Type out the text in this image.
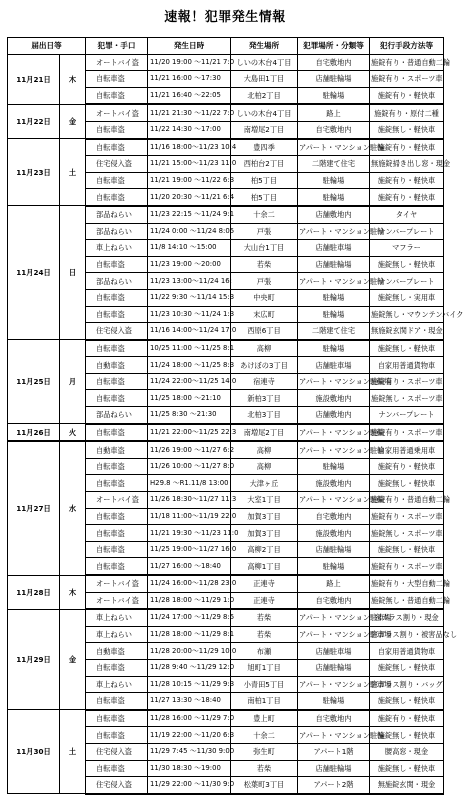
速報！犯罪発生情報
届出日等		犯罪・手口	発生日時	発生場所	犯罪場所・分類等	犯行手段方法等
11月21日	木	オートバイ盗	11/20 19:00 ～11/21 7:0	しいの木台4丁目	自宅敷地内	施錠有り・普通自動二輪
		自転車盗	11/21 16:00 ～17:30	大島田1丁目	店舗駐輪場	施錠有り・スポーツ車
		自転車盗	11/21 16:40 ～22:05	北柏2丁目	駐輪場	施錠有り・軽快車
11月22日	金	オートバイ盗	11/21 21:30 ～11/22 7:0	しいの木台4丁目	路上	施錠有り・原付二種
		自転車盗	11/22 14:30 ～17:00	南増尾2丁目	自宅敷地内	施錠無し・軽快車
11月23日	土	自転車盗	11/16 18:00～11/23 10:4	豊四季	アパート・マンション駐輪	施錠有り・軽快車
		住宅侵入盗	11/21 15:00～11/23 11:0	西柏台2丁目	二階建て住宅	無施錠掃き出し窓・現金
		自転車盗	11/21 19:00 ～11/22 6:3	柏5丁目	駐輪場	施錠有り・軽快車
		自転車盗	11/20 20:30 ～11/21 6:4	柏5丁目	駐輪場	施錠有り・軽快車
11月24日	日	部品ねらい	11/23 22:15 ～11/24 9:1	十余二	店舗敷地内	タイヤ
		部品ねらい	11/24 0:00 ～11/24 8:05	戸張	アパート・マンション駐輪	ナンバープレート
		車上ねらい	11/8 14:10 ～15:00	大山台1丁目	店舗駐車場	マフラー
		自転車盗	11/23 19:00 ～20:00	若柴	店舗駐輪場	施錠無し・軽快車
		部品ねらい	11/23 13:00～11/24 16:	戸張	アパート・マンション駐輪	ナンバープレート
		自転車盗	11/22 9:30 ～11/14 15:3	中央町	駐輪場	施錠無し・実用車
		自転車盗	11/23 10:30 ～11/24 1:3	末広町	駐輪場	施錠無し・マウンテンバイク
		住宅侵入盗	11/16 14:00～11/24 17:0	西原6丁目	二階建て住宅	無施錠玄関ドア・現金
11月25日	月	自転車盗	10/25 11:00 ～11/25 8:1	高柳	駐輪場	施錠無し・軽快車
		自動車盗	11/24 18:00 ～11/25 8:3	あけぼの3丁目	店舗駐車場	自家用普通貨物車
		自転車盗	11/24 22:00～11/25 14:0	宿連寺	アパート・マンション駐輪場	施錠有り・スポーツ車
		自転車盗	11/25 18:00 ～21:10	新柏3丁目	施設敷地内	施錠無し・スポーツ車
		部品ねらい	11/25 8:30 ～21:30	北柏3丁目	店舗敷地内	ナンバープレート
11月26日	火	自転車盗	11/21 22:00～11/25 22:3	南増尾2丁目	アパート・マンション駐輪	施錠有り・スポーツ車
11月27日	水	自動車盗	11/26 19:00 ～11/27 6:2	高柳	アパート・マンション駐輪	自家用普通乗用車
		自転車盗	11/26 10:00 ～11/27 8:0	高柳	駐輪場	施錠有り・軽快車
		自転車盗	H29.8 ～R1.11/8 13:00	大津ヶ丘	施設敷地内	施錠無し・軽快車
		オートバイ盗	11/26 18:30～11/27 11:3	大室1丁目	アパート・マンション駐輪	施錠有り・普通自動二輪
		自転車盗	11/18 11:00～11/19 22:0	加賀3丁目	自宅敷地内	施錠有り・スポーツ車
		自転車盗	11/21 19:30 ～11/23 11:0	加賀3丁目	施設敷地内	施錠無し・スポーツ車
		自転車盗	11/25 19:00～11/27 16:0	高柳2丁目	店舗駐輪場	施錠無し・軽快車
		自転車盗	11/27 16:00 ～18:40	高柳1丁目	駐輪場	施錠有り・スポーツ車
11月28日	木	オートバイ盗	11/24 16:00～11/28 23:0	正連寺	路上	施錠有り・大型自動二輪
		オートバイ盗	11/28 18:00 ～11/29 1:0	正連寺	自宅敷地内	施錠無し・普通自動二輪
11月29日	金	車上ねらい	11/24 17:00 ～11/29 8:5	若柴	アパート・マンション駐車場	窓ガラス割り・現金
		車上ねらい	11/28 18:00 ～11/29 8:1	若柴	アパート・マンション駐車場	窓ガラス割り・被害品なし
		自動車盗	11/28 20:00～11/29 10:0	布瀬	店舗駐車場	自家用普通貨物車
		自転車盗	11/28 9:40 ～11/29 12:0	旭町1丁目	店舗駐輪場	施錠無し・軽快車
		車上ねらい	11/28 10:15 ～11/29 9:3	小青田5丁目	アパート・マンション駐車場	窓ガラス割り・バッグ
		自転車盗	11/27 13:30 ～18:40	南柏1丁目	駐輪場	施錠無し・軽快車
11月30日	土	自転車盗	11/28 16:00 ～11/29 7:0	豊上町	自宅敷地内	施錠有り・軽快車
		自転車盗	11/19 22:00 ～11/20 6:3	十余二	アパート・マンション駐輪	施錠無し・軽快車
		住宅侵入盗	11/29 7:45 ～11/30 9:00	弥生町	アパート1階	腰高窓・現金
		自転車盗	11/30 18:30 ～19:00	若柴	店舗駐輪場	施錠無し・軽快車
		住宅侵入盗	11/29 22:00 ～11/30 9:0	松葉町3丁目	アパート2階	無施錠玄関・現金
